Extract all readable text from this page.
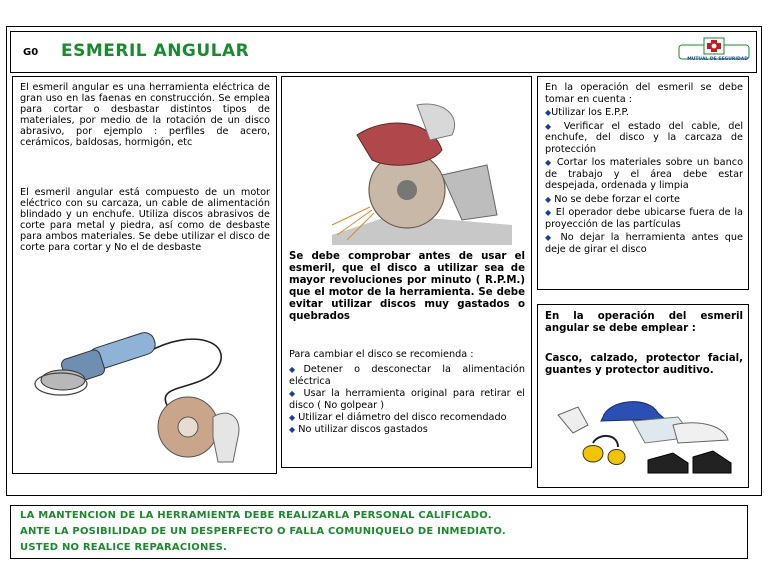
G0 ESMERIL ANGULAR	MUTUAL DE SEGURIDAD
El esmeril angular es una herramienta eléctrica de gran uso en las faenas en construcción. Se emplea para cortar o desbastar distintos tipos de materiales, por medio de la rotación de un disco abrasivo, por ejemplo : perfiles de acero, cerámicos, baldosas, hormigón, etc
El esmeril angular está compuesto de un motor eléctrico con su carcaza, un cable de alimentación blindado y un enchufe. Utiliza discos abrasivos de corte para metal y piedra, así como de desbaste para ambos materiales. Se debe utilizar el disco de corte para cortar y No el de desbaste
Se debe comprobar antes de usar el esmeril, que el disco a utilizar sea de mayor revoluciones por minuto ( R.P.M.) que el motor de la herramienta. Se debe evitar utilizar discos muy gastados o quebrados
Para cambiar el disco se recomienda :
◆Detener o desconectar la alimentación eléctrica
◆ Usar la herramienta original para retirar el disco ( No golpear )
◆ Utilizar el diámetro del disco recomendado
◆ No utilizar discos gastados
En la operación del esmeril se debe tomar en cuenta :
◆Utilizar los E.P.P.
◆ Verificar el estado del cable, del enchufe, del disco y la carcaza de protección
◆ Cortar los materiales sobre un banco de trabajo y el área debe estar despejada, ordenada y limpia
◆ No se debe forzar el corte
◆ El operador debe ubicarse fuera de la proyección de las partículas
◆ No dejar la herramienta antes que deje de girar el disco
En la operación del esmeril angular se debe emplear :
Casco, calzado, protector facial, guantes y protector auditivo.
LA MANTENCION DE LA HERRAMIENTA DEBE REALIZARLA PERSONAL CALIFICADO.
ANTE LA POSIBILIDAD DE UN DESPERFECTO O FALLA COMUNIQUELO DE INMEDIATO.
USTED NO REALICE REPARACIONES.
